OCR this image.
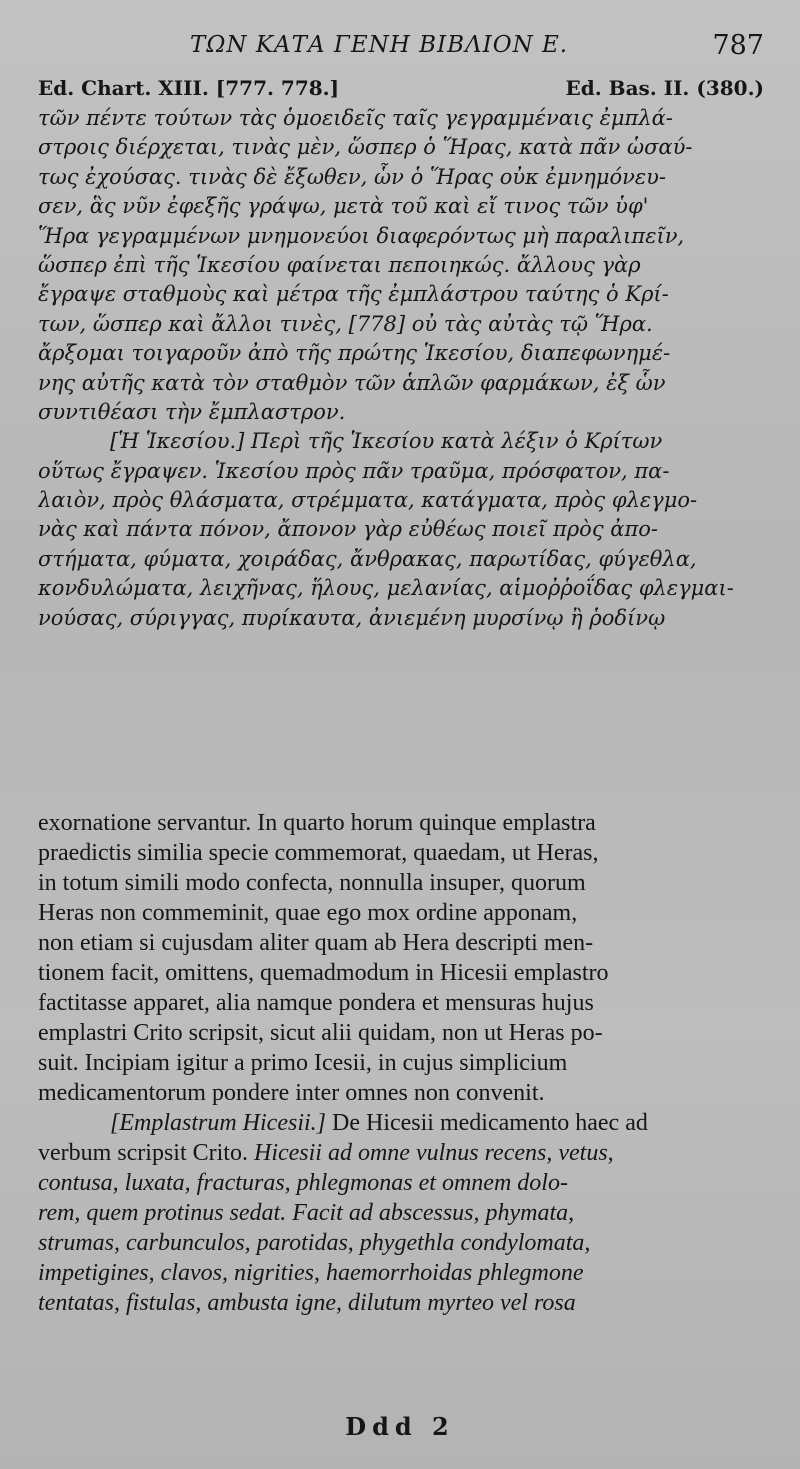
ΤΩΝ ΚΑΤΑ ΓΕΝΗ ΒΙΒΛΙΟΝ Ε.	787
Ed. Chart. XIII. [777. 778.]	Ed. Bas. II. (380.)
τῶν πέντε τούτων τὰς ὁμοειδεῖς ταῖς γεγραμμέναις ἐμπλά-
στροις διέρχεται, τινὰς μὲν, ὥσπερ ὁ Ἥρας, κατὰ πᾶν ὡσαύ-
τως ἐχούσας. τινὰς δὲ ἔξωθεν, ὧν ὁ Ἥρας οὐκ ἐμνημόνευ-
σεν, ἃς νῦν ἐφεξῆς γράψω, μετὰ τοῦ καὶ εἴ τινος τῶν ὑφ'
Ἥρα γεγραμμένων μνημονεύοι διαφερόντως μὴ παραλιπεῖν,
ὥσπερ ἐπὶ τῆς Ἱκεσίου φαίνεται πεποιηκώς. ἄλλους γὰρ
ἔγραψε σταθμοὺς καὶ μέτρα τῆς ἐμπλάστρου ταύτης ὁ Κρί-
των, ὥσπερ καὶ ἄλλοι τινὲς, [778] οὐ τὰς αὐτὰς τῷ Ἥρα.
ἄρξομαι τοιγαροῦν ἀπὸ τῆς πρώτης Ἱκεσίου, διαπεφωνημέ-
νης αὐτῆς κατὰ τὸν σταθμὸν τῶν ἁπλῶν φαρμάκων, ἐξ ὧν
συντιθέασι τὴν ἔμπλαστρον.
[Ἡ Ἱκεσίου.] Περὶ τῆς Ἱκεσίου κατὰ λέξιν ὁ Κρίτων
οὕτως ἔγραψεν. Ἱκεσίου πρὸς πᾶν τραῦμα, πρόσφατον, πα-
λαιὸν, πρὸς θλάσματα, στρέμματα, κατάγματα, πρὸς φλεγμο-
νὰς καὶ πάντα πόνον, ἄπονον γὰρ εὐθέως ποιεῖ πρὸς ἀπο-
στήματα, φύματα, χοιράδας, ἄνθρακας, παρωτίδας, φύγεθλα,
κονδυλώματα, λειχῆνας, ἥλους, μελανίας, αἱμοῤῥοΐδας φλεγμαι-
νούσας, σύριγγας, πυρίκαυτα, ἀνιεμένη μυρσίνῳ ἢ ῥοδίνῳ
exornatione servantur. In quarto horum quinque emplastra
praedictis similia specie commemorat, quaedam, ut Heras,
in totum simili modo confecta, nonnulla insuper, quorum
Heras non commeminit, quae ego mox ordine apponam,
non etiam si cujusdam aliter quam ab Hera descripti men-
tionem facit, omittens, quemadmodum in Hicesii emplastro
factitasse apparet, alia namque pondera et mensuras hujus
emplastri Crito scripsit, sicut alii quidam, non ut Heras po-
suit. Incipiam igitur a primo Icesii, in cujus simplicium
medicamentorum pondere inter omnes non convenit.
[Emplastrum Hicesii.] De Hicesii medicamento haec ad
verbum scripsit Crito. Hicesii ad omne vulnus recens, vetus,
contusa, luxata, fracturas, phlegmonas et omnem dolo-
rem, quem protinus sedat. Facit ad abscessus, phymata,
strumas, carbunculos, parotidas, phygethla condylomata,
impetigines, clavos, nigrities, haemorrhoidas phlegmone
tentatas, fistulas, ambusta igne, dilutum myrteo vel rosa
Ddd 2
